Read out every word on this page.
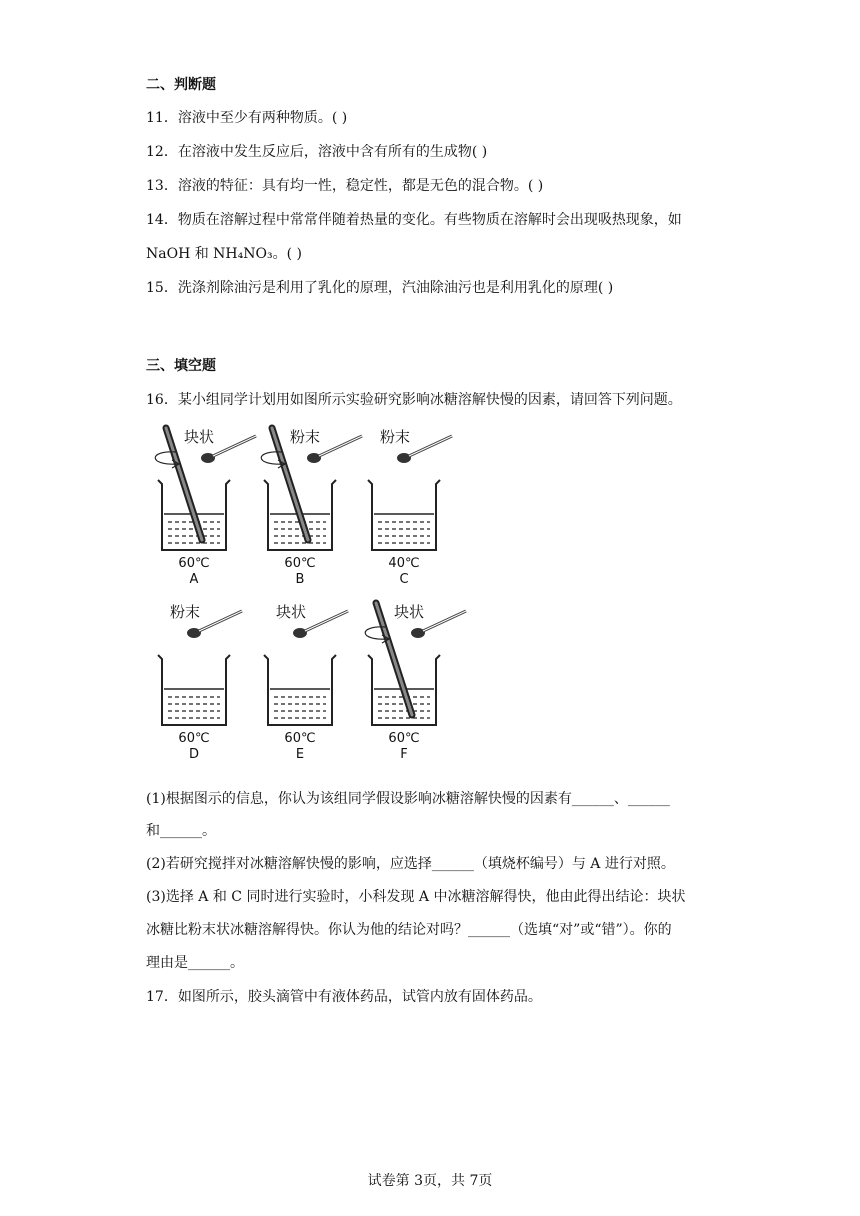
二、判断题
11．溶液中至少有两种物质。( )
12．在溶液中发生反应后，溶液中含有所有的生成物( )
13．溶液的特征：具有均一性，稳定性，都是无色的混合物。( )
14．物质在溶解过程中常常伴随着热量的变化。有些物质在溶解时会出现吸热现象，如
NaOH 和 NH₄NO₃。( )
15．洗涤剂除油污是利用了乳化的原理，汽油除油污也是利用乳化的原理( )
三、填空题
16．某小组同学计划用如图所示实验研究影响冰糖溶解快慢的因素，请回答下列问题。
块状
60℃
A
粉末
60℃
B
粉末
40℃
C
粉末
60℃
D
块状
60℃
E
块状
60℃
F
(1)根据图示的信息，你认为该组同学假设影响冰糖溶解快慢的因素有______、______
和______。
(2)若研究搅拌对冰糖溶解快慢的影响，应选择______（填烧杯编号）与 A 进行对照。
(3)选择 A 和 C 同时进行实验时，小科发现 A 中冰糖溶解得快，他由此得出结论：块状
冰糖比粉末状冰糖溶解得快。你认为他的结论对吗？______（选填“对”或“错”）。你的
理由是______。
17．如图所示，胶头滴管中有液体药品，试管内放有固体药品。
试卷第 3页，共 7页
